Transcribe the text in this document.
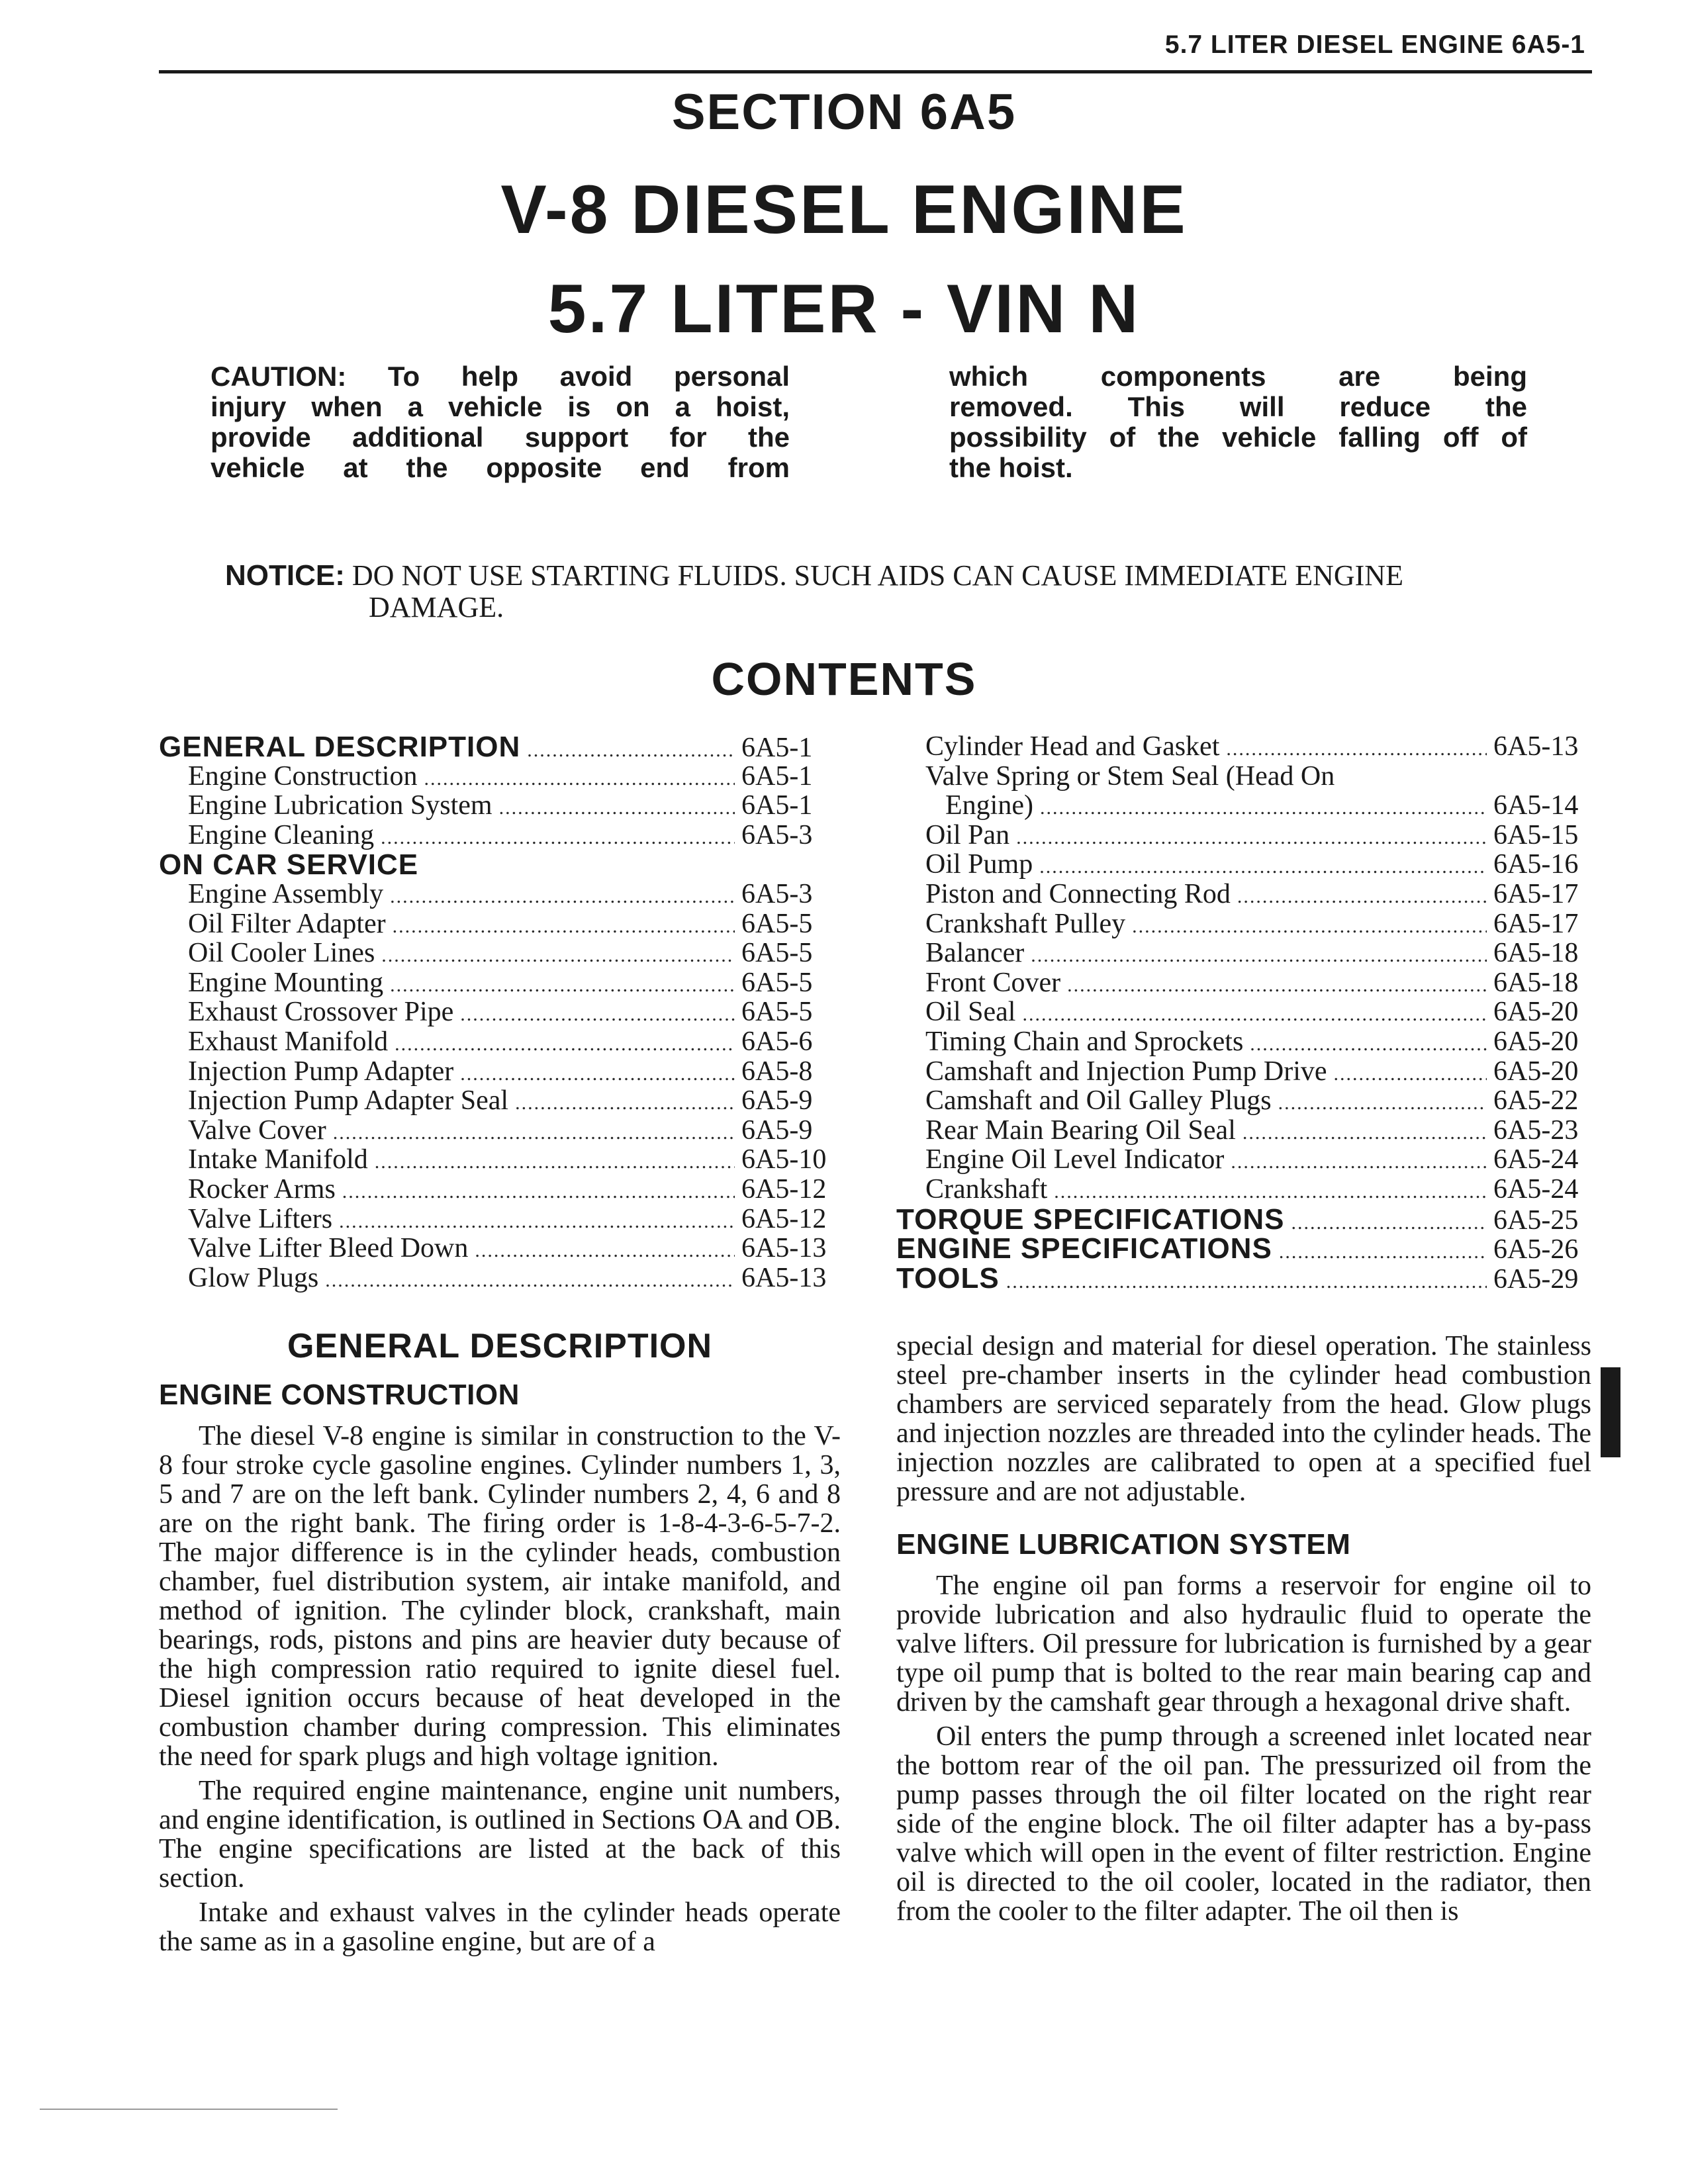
5.7 LITER DIESEL ENGINE 6A5-1
SECTION 6A5
V-8 DIESEL ENGINE
5.7 LITER - VIN N
CAUTION: To help avoid personal
injury when a vehicle is on a hoist,
provide additional support for the
vehicle at the opposite end from
which components are being
removed. This will reduce the
possibility of the vehicle falling off of
the hoist.
NOTICE: DO NOT USE STARTING FLUIDS. SUCH AIDS CAN CAUSE IMMEDIATE ENGINE
DAMAGE.
CONTENTS
GENERAL DESCRIPTION .....	6A5-1
Engine Construction .....	6A5-1
Engine Lubrication System .....	6A5-1
Engine Cleaning .....	6A5-3
ON CAR SERVICE
Engine Assembly .....	6A5-3
Oil Filter Adapter .....	6A5-5
Oil Cooler Lines .....	6A5-5
Engine Mounting .....	6A5-5
Exhaust Crossover Pipe .....	6A5-5
Exhaust Manifold .....	6A5-6
Injection Pump Adapter .....	6A5-8
Injection Pump Adapter Seal .....	6A5-9
Valve Cover .....	6A5-9
Intake Manifold .....	6A5-10
Rocker Arms .....	6A5-12
Valve Lifters .....	6A5-12
Valve Lifter Bleed Down .....	6A5-13
Glow Plugs .....	6A5-13
Cylinder Head and Gasket .....	6A5-13
Valve Spring or Stem Seal (Head On
Engine) .....	6A5-14
Oil Pan .....	6A5-15
Oil Pump .....	6A5-16
Piston and Connecting Rod .....	6A5-17
Crankshaft Pulley .....	6A5-17
Balancer .....	6A5-18
Front Cover .....	6A5-18
Oil Seal .....	6A5-20
Timing Chain and Sprockets .....	6A5-20
Camshaft and Injection Pump Drive .....	6A5-20
Camshaft and Oil Galley Plugs .....	6A5-22
Rear Main Bearing Oil Seal .....	6A5-23
Engine Oil Level Indicator .....	6A5-24
Crankshaft .....	6A5-24
TORQUE SPECIFICATIONS .....	6A5-25
ENGINE SPECIFICATIONS .....	6A5-26
TOOLS .....	6A5-29
GENERAL DESCRIPTION
ENGINE CONSTRUCTION

The diesel V-8 engine is similar in construction to the V-8 four stroke cycle gasoline engines. Cylinder numbers 1, 3, 5 and 7 are on the left bank. Cylinder numbers 2, 4, 6 and 8 are on the right bank. The firing order is 1-8-4-3-6-5-7-2. The major difference is in the cylinder heads, combustion chamber, fuel distribution system, air intake manifold, and method of ignition. The cylinder block, crankshaft, main bearings, rods, pistons and pins are heavier duty because of the high compression ratio required to ignite diesel fuel. Diesel ignition occurs because of heat developed in the combustion chamber during compression. This eliminates the need for spark plugs and high voltage ignition.

The required engine maintenance, engine unit numbers, and engine identification, is outlined in Sections OA and OB. The engine specifications are listed at the back of this section.

Intake and exhaust valves in the cylinder heads operate the same as in a gasoline engine, but are of a

special design and material for diesel operation. The stainless steel pre-chamber inserts in the cylinder head combustion chambers are serviced separately from the head. Glow plugs and injection nozzles are threaded into the cylinder heads. The injection nozzles are calibrated to open at a specified fuel pressure and are not adjustable.

ENGINE LUBRICATION SYSTEM

The engine oil pan forms a reservoir for engine oil to provide lubrication and also hydraulic fluid to operate the valve lifters. Oil pressure for lubrication is furnished by a gear type oil pump that is bolted to the rear main bearing cap and driven by the camshaft gear through a hexagonal drive shaft.

Oil enters the pump through a screened inlet located near the bottom rear of the oil pan. The pressurized oil from the pump passes through the oil filter located on the right rear side of the engine block. The oil filter adapter has a by-pass valve which will open in the event of filter restriction. Engine oil is directed to the oil cooler, located in the radiator, then from the cooler to the filter adapter. The oil then is
